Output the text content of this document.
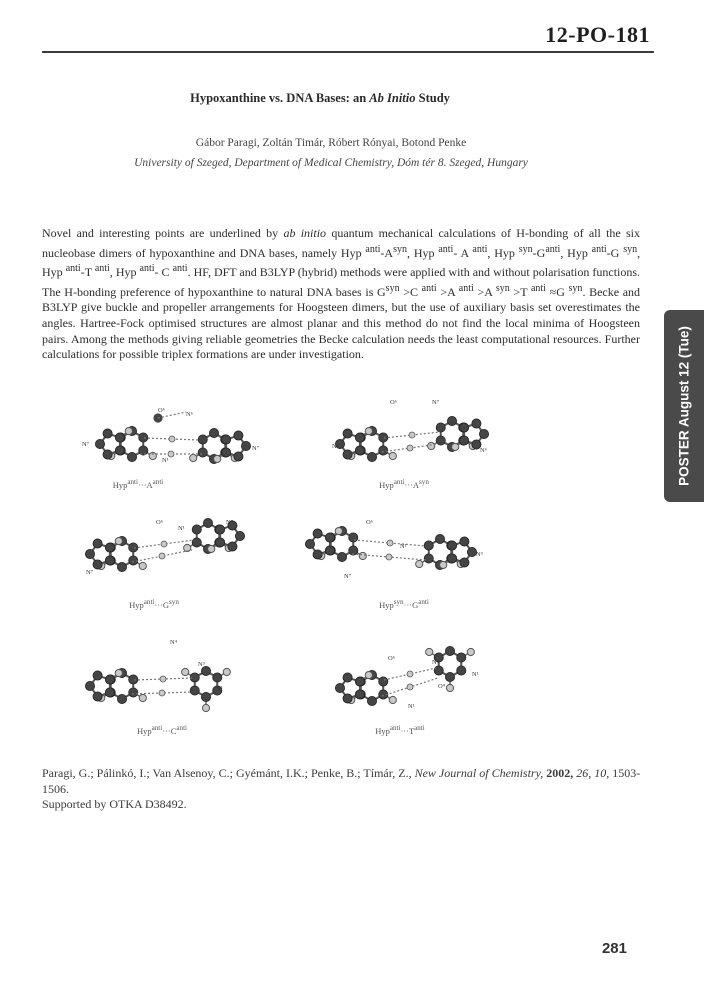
12-PO-181
Hypoxanthine vs. DNA Bases: an Ab Initio Study
Gábor Paragi, Zoltán Timár, Róbert Rónyai, Botond Penke
University of Szeged, Department of Medical Chemistry, Dóm tér 8. Szeged, Hungary
Novel and interesting points are underlined by ab initio quantum mechanical calculations of H-bonding of all the six nucleobase dimers of hypoxanthine and DNA bases, namely Hyp $^{anti}-A^{syn}$, Hyp $^{anti}$- A $^{anti}$, Hyp $^{syn}-G^{anti}$, Hyp $^{anti}$-G $^{syn}$, Hyp $^{anti}$-T $^{anti}$, Hyp $^{anti}$- C $^{anti}$. HF, DFT and B3LYP (hybrid) methods were applied with and without polarisation functions. The H-bonding preference of hypoxanthine to natural DNA bases is $G^{syn} >C$ $^{anti}$ >A $^{anti}$ >A $^{syn}$ >T $^{anti}$ ≈G $^{syn}$. Becke and B3LYP give buckle and propeller arrangements for Hoogsteen dimers, but the use of auxiliary basis set overestimates the angles. Hartree-Fock optimised structures are almost planar and this method do not find the local minima of Hoogsteen pairs. Among the methods giving reliable geometries the Becke calculation needs the least computational resources. Further calculations for possible triplex formations are under investigation.	POSTER August 12 (Tue)
O⁶
N⁶
N⁷
N⁷
N¹
O⁶	N⁷
N³
N⁶
O⁶
N¹
N⁷
N⁷	O⁶
N¹
N⁷
N³
N⁴
N³
N¹
O⁶
N³
N¹
N¹
O⁴
$Hyp^{anti}\cdot\cdot\cdot A^{anti}$	$Hyp^{anti}\cdot\cdot\cdot A^{syn}$
$Hyp^{anti}\cdot\cdot\cdot G^{syn}$	$Hyp^{syn}\cdot\cdot\cdot G^{anti}$
$Hyp^{anti}\cdot\cdot\cdot C^{anti}$	$Hyp^{anti}\cdot\cdot\cdot T^{anti}$

Paragi, G.; Pálinkó, I.; Van Alsenoy, C.; Gyémánt, I.K.; Penke, B.; Tímár, Z., New Journal of Chemistry, 2002, 26, 10, 1503-1506.

Supported by OTKA D38492.

281
